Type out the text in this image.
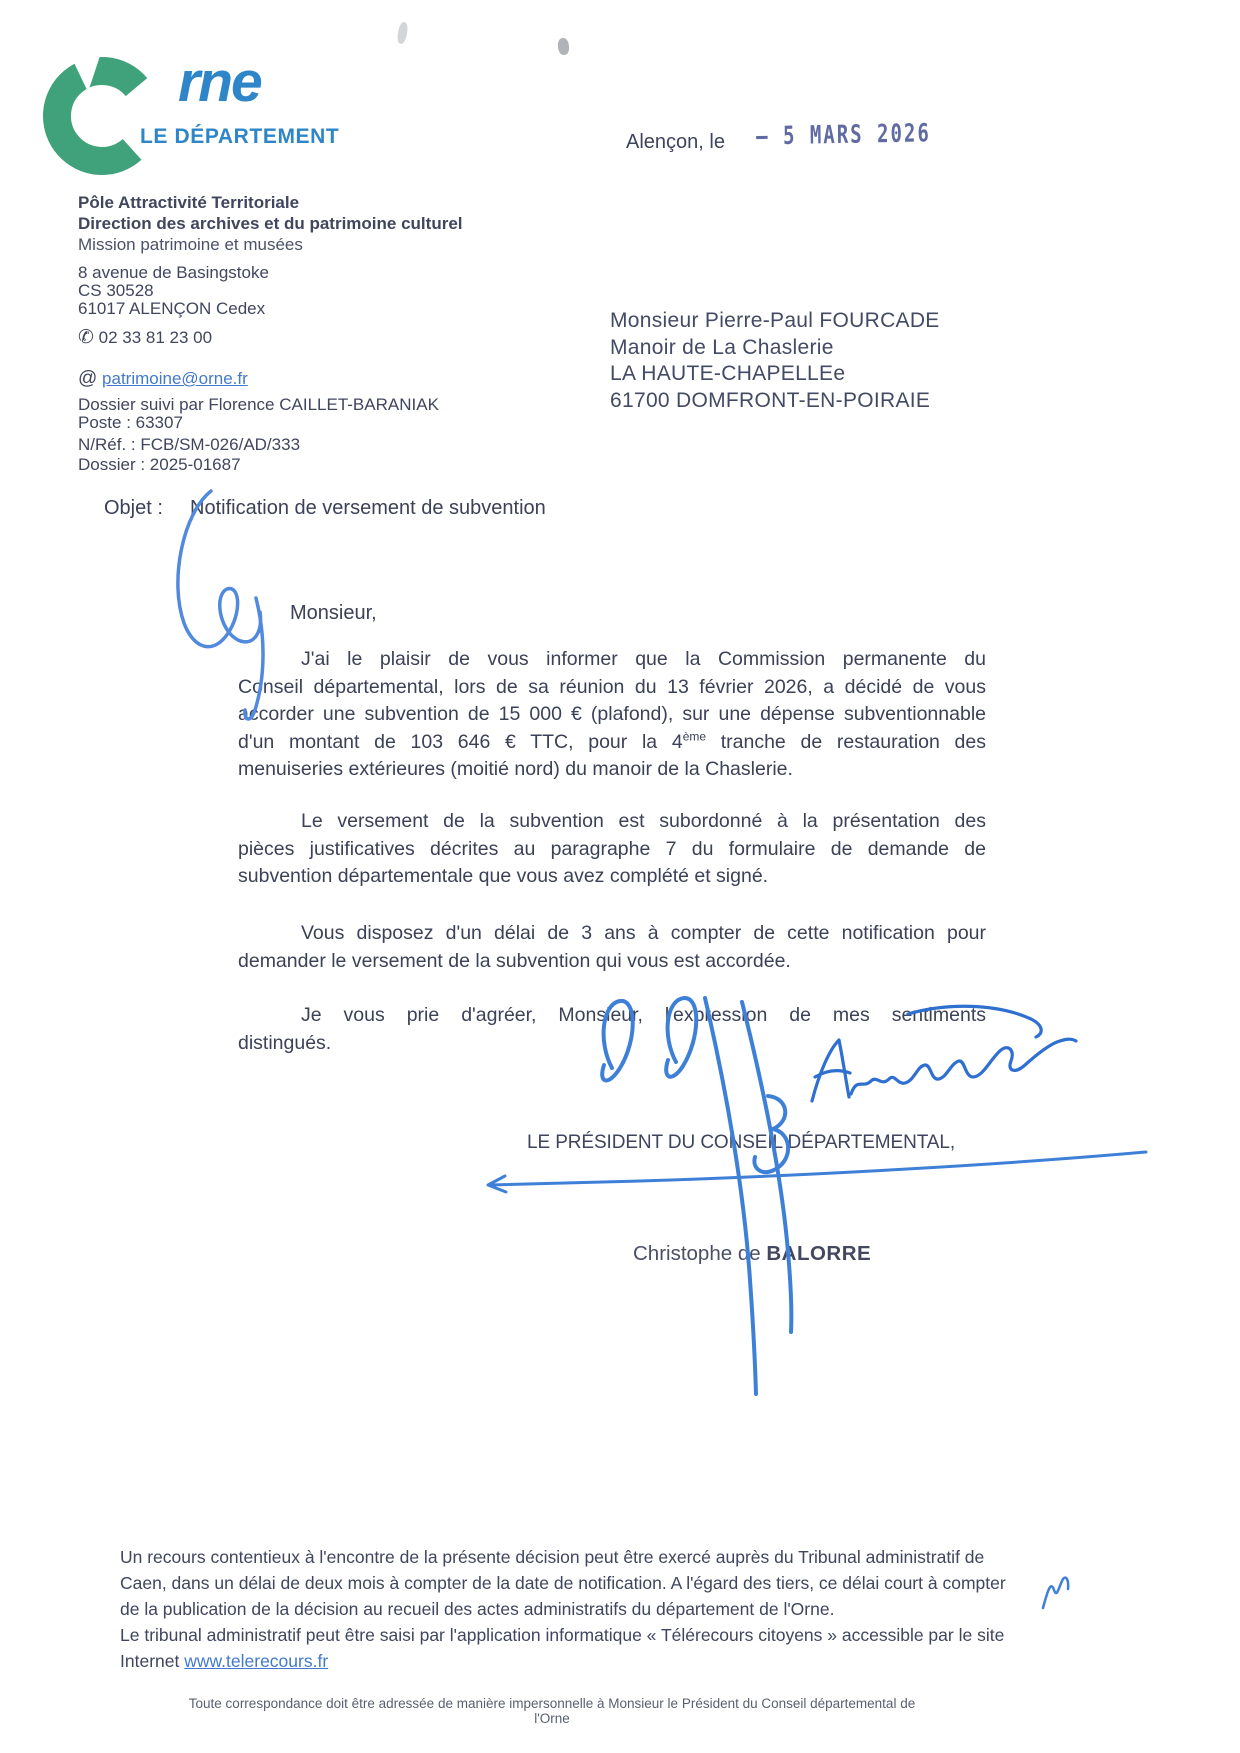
rne
LE DÉPARTEMENT	Alençon, le – 5 MARS 2026
Pôle Attractivité Territoriale
Direction des archives et du patrimoine culturel
Mission patrimoine et musées
8 avenue de Basingstoke
CS 30528
61017 ALENÇON Cedex
✆ 02 33 81 23 00
@ patrimoine@orne.fr
Dossier suivi par Florence CAILLET-BARANIAK
Poste : 63307
N/Réf. : FCB/SM-026/AD/333
Dossier : 2025-01687
Monsieur Pierre-Paul FOURCADE
Manoir de La Chaslerie
LA HAUTE-CHAPELLEe
61700 DOMFRONT-EN-POIRAIE
Objet : Notification de versement de subvention
Monsieur,
J'ai le plaisir de vous informer que la Commission permanente du
Conseil départemental, lors de sa réunion du 13 février 2026, a décidé de vous
accorder une subvention de 15 000 € (plafond), sur une dépense subventionnable
d'un montant de 103 646 € TTC, pour la 4ème tranche de restauration des
menuiseries extérieures (moitié nord) du manoir de la Chaslerie.
Le versement de la subvention est subordonné à la présentation des
pièces justificatives décrites au paragraphe 7 du formulaire de demande de
subvention départementale que vous avez complété et signé.
Vous disposez d'un délai de 3 ans à compter de cette notification pour
demander le versement de la subvention qui vous est accordée.
Je vous prie d'agréer, Monsieur, l'expression de mes sentiments
distingués.
LE PRÉSIDENT DU CONSEIL DÉPARTEMENTAL,
Christophe de BALORRE
Un recours contentieux à l'encontre de la présente décision peut être exercé auprès du Tribunal administratif de
Caen, dans un délai de deux mois à compter de la date de notification. A l'égard des tiers, ce délai court à compter
de la publication de la décision au recueil des actes administratifs du département de l'Orne.
Le tribunal administratif peut être saisi par l'application informatique « Télérecours citoyens » accessible par le site
Internet www.telerecours.fr
Toute correspondance doit être adressée de manière impersonnelle à Monsieur le Président du Conseil départemental de l'Orne
